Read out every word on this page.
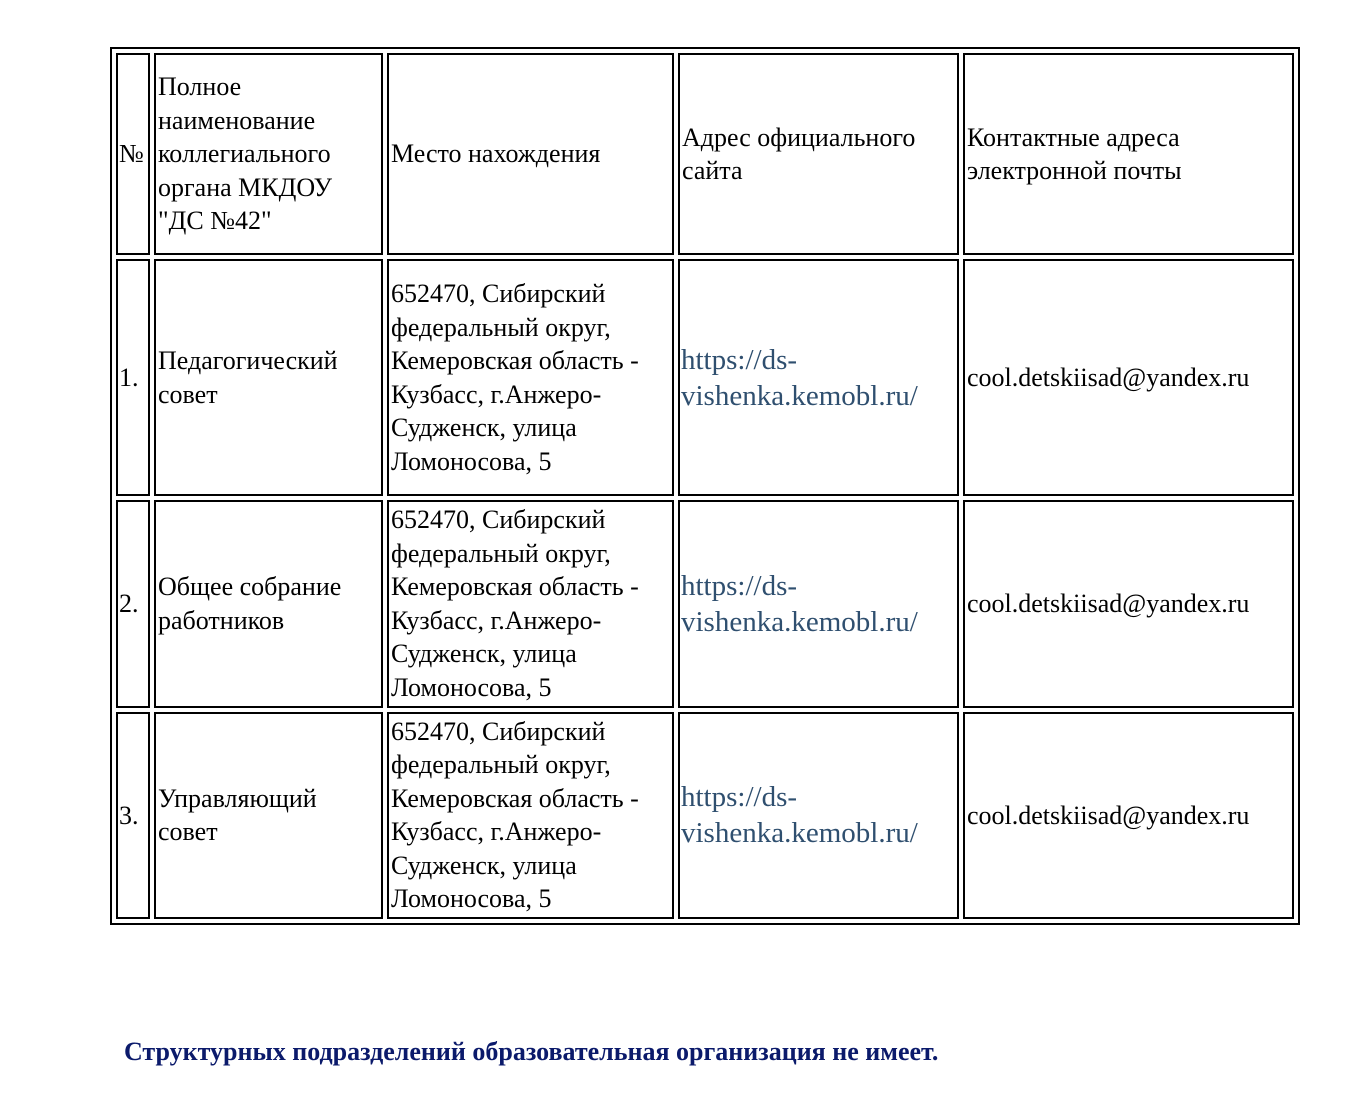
№	Полное наименование коллегиального органа МКДОУ "ДС №42"	Место нахождения	Адрес официального сайта	Контактные адреса электронной почты
1.	Педагогический совет	652470, Сибирский федеральный округ, Кемеровская область - Кузбасс, г.Анжеро-Судженск, улица Ломоносова, 5	https://ds-vishenka.kemobl.ru/	cool.detskiisad@yandex.ru
2.	Общее собрание работников	652470, Сибирский федеральный округ, Кемеровская область - Кузбасс, г.Анжеро-Судженск, улица Ломоносова, 5	https://ds-vishenka.kemobl.ru/	cool.detskiisad@yandex.ru
3.	Управляющий совет	652470, Сибирский федеральный округ, Кемеровская область - Кузбасс, г.Анжеро-Судженск, улица Ломоносова, 5	https://ds-vishenka.kemobl.ru/	cool.detskiisad@yandex.ru
Структурных подразделений образовательная организация не имеет.
